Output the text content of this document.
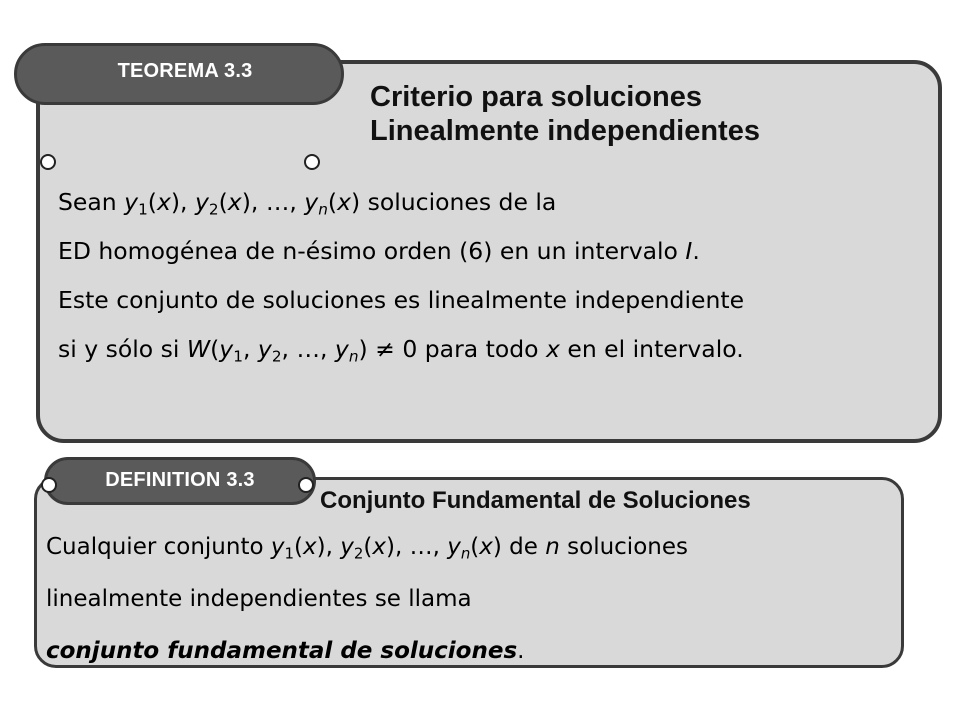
TEOREMA 3.3
Criterio para soluciones
Linealmente independientes
Sean $y_1(x)$, $y_2(x)$, …, $y_n(x)$ soluciones de la
ED homogénea de n-ésimo orden (6) en un intervalo I.
Este conjunto de soluciones es linealmente independiente
si y sólo si $W(y_1$, $y_2$, …, $y_n) \ne 0$ para todo x en el intervalo.
DEFINITION 3.3
Conjunto Fundamental de Soluciones
Cualquier conjunto $y_1(x)$, $y_2(x)$, …, $y_n(x)$ de n soluciones
linealmente independientes se llama
conjunto fundamental de soluciones.
